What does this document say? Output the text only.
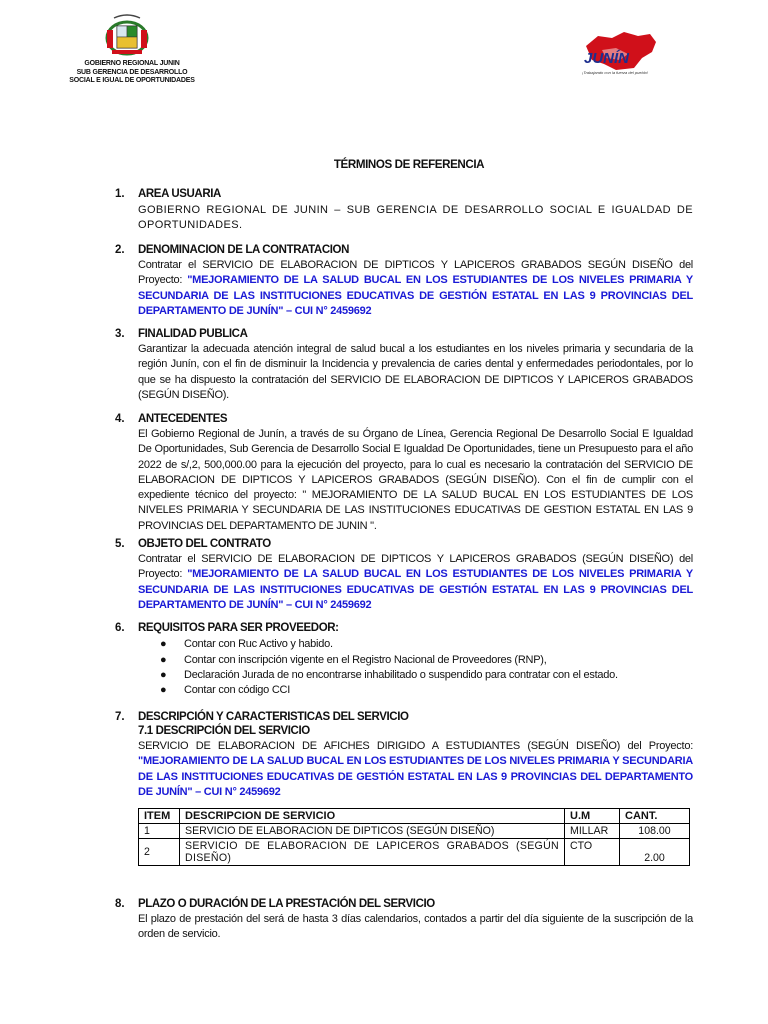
GOBIERNO REGIONAL JUNIN
SUB GERENCIA DE DESARROLLO
SOCIAL E IGUAL DE OPORTUNIDADES
JUNÍN
¡Trabajando con la fuerza del pueblo!
TÉRMINOS DE REFERENCIA
1. AREA USUARIA
GOBIERNO REGIONAL DE JUNIN – SUB GERENCIA DE DESARROLLO SOCIAL E IGUALDAD DE OPORTUNIDADES.
2. DENOMINACION DE LA CONTRATACION
Contratar el SERVICIO DE ELABORACION DE DIPTICOS Y LAPICEROS GRABADOS SEGÚN DISEÑO del Proyecto: "MEJORAMIENTO DE LA SALUD BUCAL EN LOS ESTUDIANTES DE LOS NIVELES PRIMARIA Y SECUNDARIA DE LAS INSTITUCIONES EDUCATIVAS DE GESTIÓN ESTATAL EN LAS 9 PROVINCIAS DEL DEPARTAMENTO DE JUNÍN" – CUI N° 2459692
3. FINALIDAD PUBLICA
Garantizar la adecuada atención integral de salud bucal a los estudiantes en los niveles primaria y secundaria de la región Junín, con el fin de disminuir la Incidencia y prevalencia de caries dental y enfermedades periodontales, por lo que se ha dispuesto la contratación del SERVICIO DE ELABORACION DE DIPTICOS Y LAPICEROS GRABADOS (SEGÚN DISEÑO).
4. ANTECEDENTES
El Gobierno Regional de Junín, a través de su Órgano de Línea, Gerencia Regional De Desarrollo Social E Igualdad De Oportunidades, Sub Gerencia de Desarrollo Social E Igualdad De Oportunidades, tiene un Presupuesto para el año 2022 de s/,2, 500,000.00 para la ejecución del proyecto, para lo cual es necesario la contratación del SERVICIO DE ELABORACION DE DIPTICOS Y LAPICEROS GRABADOS (SEGÚN DISEÑO). Con el fin de cumplir con el expediente técnico del proyecto: " MEJORAMIENTO DE LA SALUD BUCAL EN LOS ESTUDIANTES DE LOS NIVELES PRIMARIA Y SECUNDARIA DE LAS INSTITUCIONES EDUCATIVAS DE GESTION ESTATAL EN LAS 9 PROVINCIAS DEL DEPARTAMENTO DE JUNIN ".
5. OBJETO DEL CONTRATO
Contratar el SERVICIO DE ELABORACION DE DIPTICOS Y LAPICEROS GRABADOS (SEGÚN DISEÑO) del Proyecto: "MEJORAMIENTO DE LA SALUD BUCAL EN LOS ESTUDIANTES DE LOS NIVELES PRIMARIA Y SECUNDARIA DE LAS INSTITUCIONES EDUCATIVAS DE GESTIÓN ESTATAL EN LAS 9 PROVINCIAS DEL DEPARTAMENTO DE JUNÍN" – CUI N° 2459692
6. REQUISITOS PARA SER PROVEEDOR:
● Contar con Ruc Activo y habido.
● Contar con inscripción vigente en el Registro Nacional de Proveedores (RNP),
● Declaración Jurada de no encontrarse inhabilitado o suspendido para contratar con el estado.
● Contar con código CCI
7. DESCRIPCIÓN Y CARACTERISTICAS DEL SERVICIO
7.1 DESCRIPCIÓN DEL SERVICIO
SERVICIO DE ELABORACION DE AFICHES DIRIGIDO A ESTUDIANTES (SEGÚN DISEÑO) del Proyecto: "MEJORAMIENTO DE LA SALUD BUCAL EN LOS ESTUDIANTES DE LOS NIVELES PRIMARIA Y SECUNDARIA DE LAS INSTITUCIONES EDUCATIVAS DE GESTIÓN ESTATAL EN LAS 9 PROVINCIAS DEL DEPARTAMENTO DE JUNÍN" – CUI N° 2459692
ITEM	DESCRIPCION DE SERVICIO	U.M	CANT.
1	SERVICIO DE ELABORACION DE DIPTICOS (SEGÚN DISEÑO)	MILLAR	108.00
2	SERVICIO DE ELABORACION DE LAPICEROS GRABADOS (SEGÚN DISEÑO)	CTO	2.00
8. PLAZO O DURACIÓN DE LA PRESTACIÓN DEL SERVICIO
El plazo de prestación del será de hasta 3 días calendarios, contados a partir del día siguiente de la suscripción de la orden de servicio.
